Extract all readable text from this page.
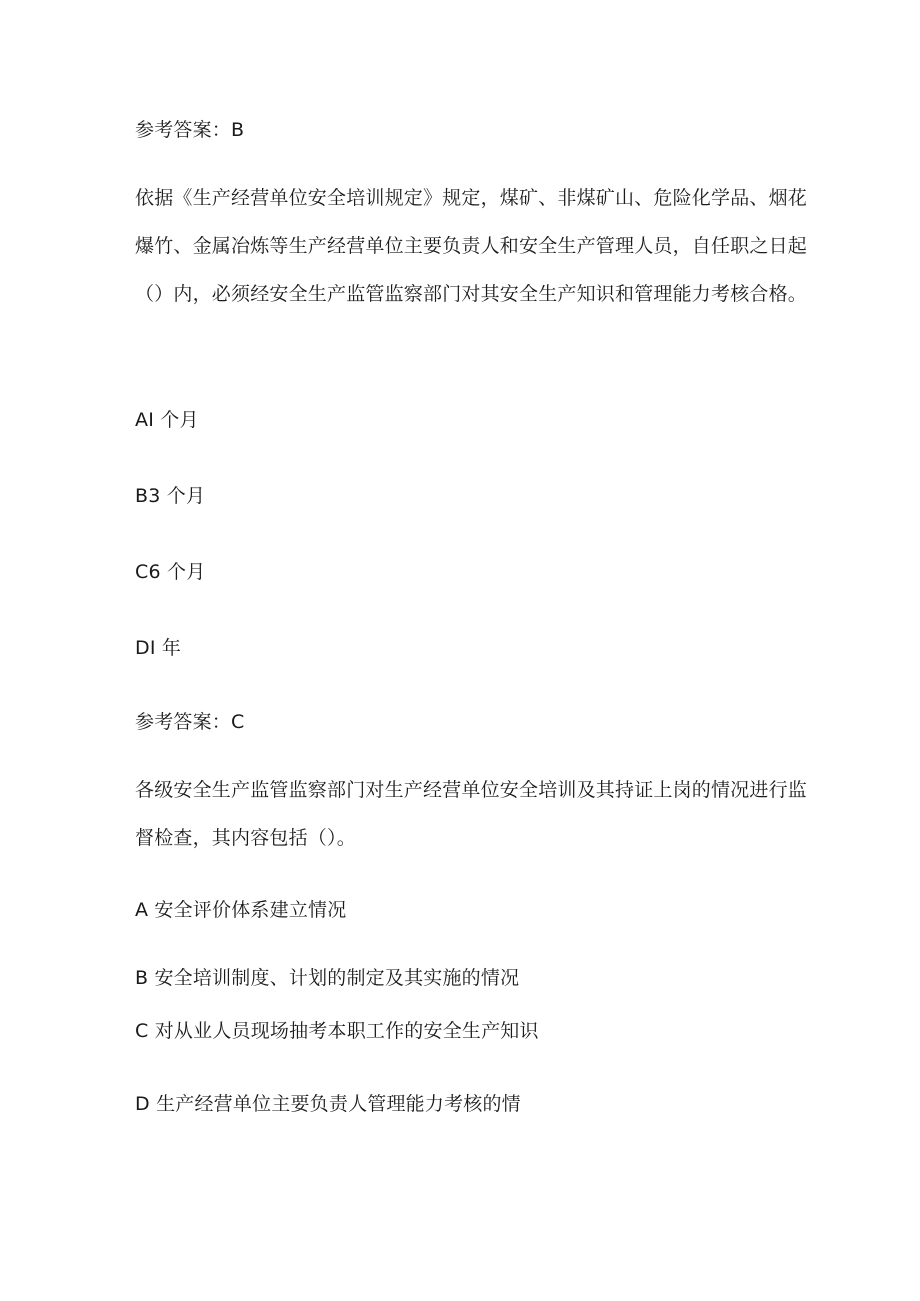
参考答案：B
依据《生产经营单位安全培训规定》规定，煤矿、非煤矿山、危险化学品、烟花爆竹、金属冶炼等生产经营单位主要负责人和安全生产管理人员，自任职之日起（）内，必须经安全生产监管监察部门对其安全生产知识和管理能力考核合格。
AI 个月
B3 个月
C6 个月
DI 年
参考答案：C
各级安全生产监管监察部门对生产经营单位安全培训及其持证上岗的情况进行监督检查，其内容包括（）。
A 安全评价体系建立情况
B 安全培训制度、计划的制定及其实施的情况
C 对从业人员现场抽考本职工作的安全生产知识
D 生产经营单位主要负责人管理能力考核的情
